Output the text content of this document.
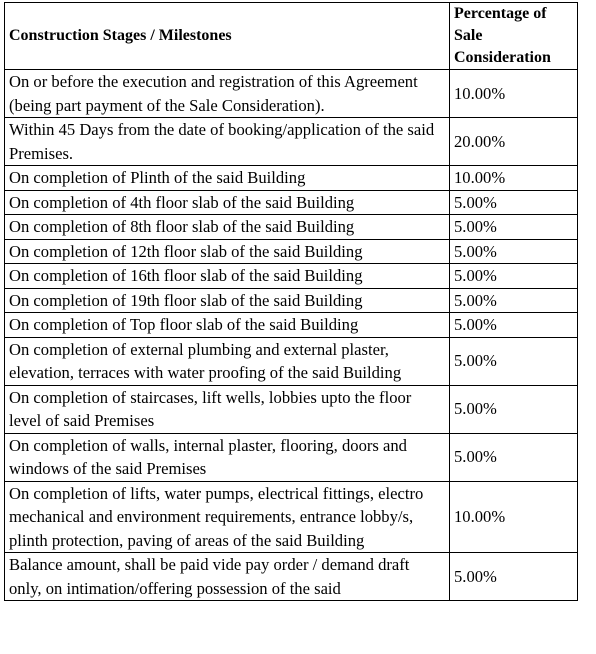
Construction Stages / Milestones	Percentage of Sale Consideration
On or before the execution and registration of this Agreement (being part payment of the Sale Consideration).	10.00%
Within 45 Days from the date of booking/application of the said Premises.	20.00%
On completion of Plinth of the said Building	10.00%
On completion of 4th floor slab of the said Building	5.00%
On completion of 8th floor slab of the said Building	5.00%
On completion of 12th floor slab of the said Building	5.00%
On completion of 16th floor slab of the said Building	5.00%
On completion of 19th floor slab of the said Building	5.00%
On completion of Top floor slab of the said Building	5.00%
On completion of external plumbing and external plaster, elevation, terraces with water proofing of the said Building	5.00%
On completion of staircases, lift wells, lobbies upto the floor level of said Premises	5.00%
On completion of walls, internal plaster, flooring, doors and windows of the said Premises	5.00%
On completion of lifts, water pumps, electrical fittings, electro mechanical and environment requirements, entrance lobby/s, plinth protection, paving of areas of the said Building	10.00%
Balance amount, shall be paid vide pay order / demand draft only, on intimation/offering possession of the said	5.00%
